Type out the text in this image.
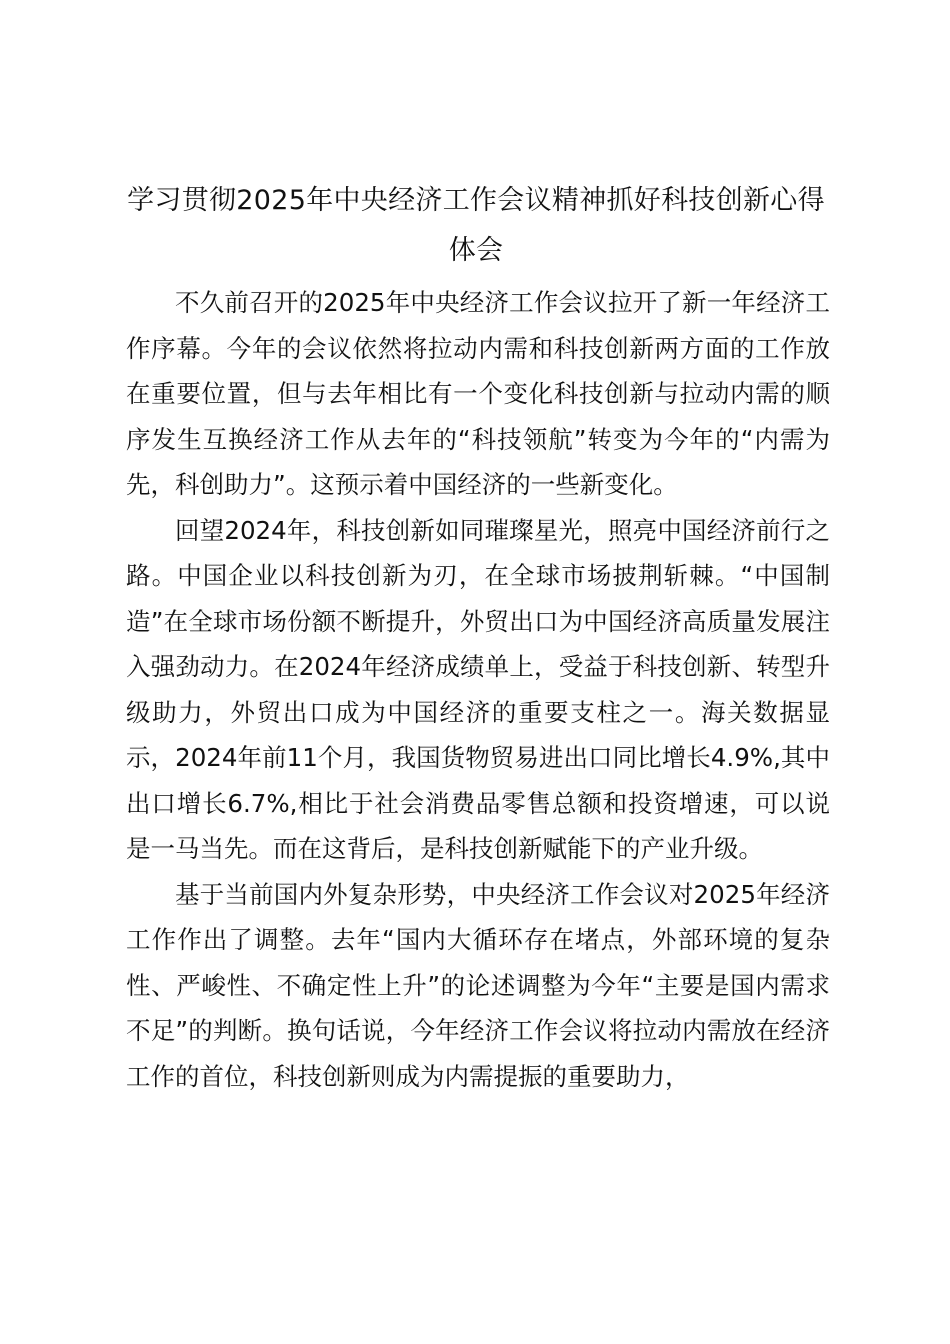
学习贯彻2025年中央经济工作会议精神抓好科技创新心得体会

不久前召开的2025年中央经济工作会议拉开了新一年经济工作序幕。今年的会议依然将拉动内需和科技创新两方面的工作放在重要位置，但与去年相比有一个变化科技创新与拉动内需的顺序发生互换经济工作从去年的“科技领航”转变为今年的“内需为先，科创助力”。这预示着中国经济的一些新变化。

回望2024年，科技创新如同璀璨星光，照亮中国经济前行之路。中国企业以科技创新为刃，在全球市场披荆斩棘。“中国制造”在全球市场份额不断提升，外贸出口为中国经济高质量发展注入强劲动力。在2024年经济成绩单上，受益于科技创新、转型升级助力，外贸出口成为中国经济的重要支柱之一。海关数据显示，2024年前11个月，我国货物贸易进出口同比增长4.9%,其中出口增长6.7%,相比于社会消费品零售总额和投资增速，可以说是一马当先。而在这背后，是科技创新赋能下的产业升级。

基于当前国内外复杂形势，中央经济工作会议对2025年经济工作作出了调整。去年“国内大循环存在堵点，外部环境的复杂性、严峻性、不确定性上升”的论述调整为今年“主要是国内需求不足”的判断。换句话说，今年经济工作会议将拉动内需放在经济工作的首位，科技创新则成为内需提振的重要助力，
